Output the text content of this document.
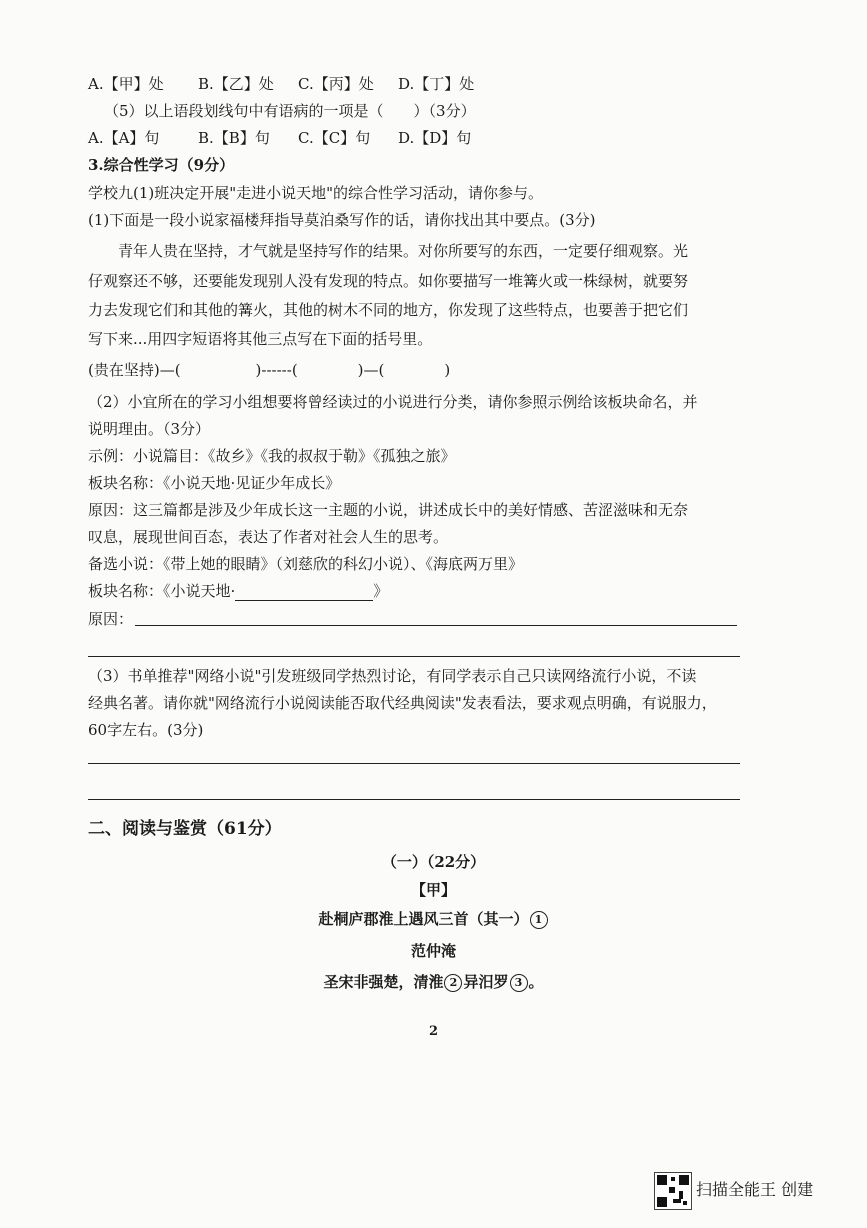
A.【甲】处 B.【乙】处 C.【丙】处 D.【丁】处
（5）以上语段划线句中有语病的一项是（　　）（3分）
A.【A】句	B.【B】句 C.【C】句 D.【D】句
3.综合性学习（9分）
学校九(1)班决定开展"走进小说天地"的综合性学习活动，请你参与。
(1)下面是一段小说家福楼拜指导莫泊桑写作的话，请你找出其中要点。(3分)
青年人贵在坚持，才气就是坚持写作的结果。对你所要写的东西，一定要仔细观察。光
仔观察还不够，还要能发现别人没有发现的特点。如你要描写一堆篝火或一株绿树，就要努
力去发现它们和其他的篝火，其他的树木不同的地方，你发现了这些特点，也要善于把它们
写下来...用四字短语将其他三点写在下面的括号里。
(贵在坚持)—(　　　　　)------(　　　　)—(　　　　)
（2）小宜所在的学习小组想要将曾经读过的小说进行分类，请你参照示例给该板块命名，并
说明理由。（3分）
示例：小说篇目：《故乡》《我的叔叔于勒》《孤独之旅》
板块名称：《小说天地·见证少年成长》
原因：这三篇都是涉及少年成长这一主题的小说，讲述成长中的美好情感、苦涩滋味和无奈
叹息，展现世间百态，表达了作者对社会人生的思考。
备选小说：《带上她的眼睛》（刘慈欣的科幻小说）、《海底两万里》
板块名称：《小说天地·	》
原因：
（3）书单推荐"网络小说"引发班级同学热烈讨论，有同学表示自己只读网络流行小说，不读
经典名著。请你就"网络流行小说阅读能否取代经典阅读"发表看法，要求观点明确，有说服力，
60字左右。(3分)
二、阅读与鉴赏（61分）
（一）（22分）
【甲】
赴桐庐郡淮上遇风三首（其一） 1
范仲淹
圣宋非强楚，清淮 2 异汨罗 3 。
2
扫描全能王 创建
